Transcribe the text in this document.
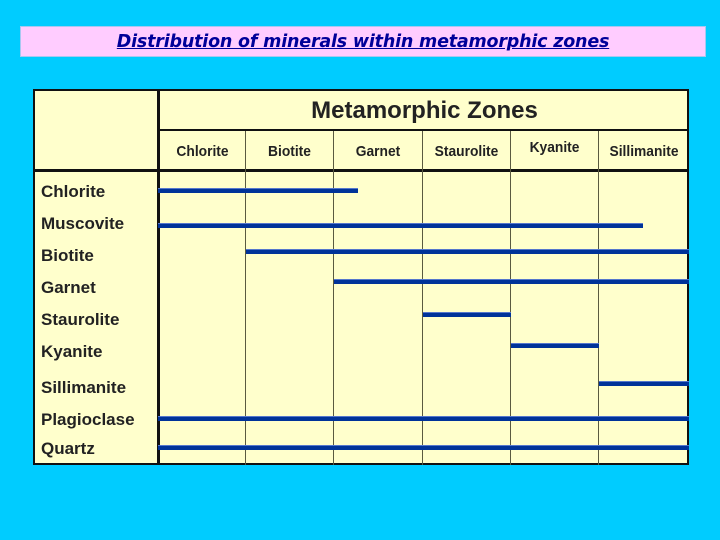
Distribution of minerals within metamorphic zones
Metamorphic Zones
Chlorite	Biotite	Garnet	Staurolite	Kyanite	Sillimanite
Chlorite
Muscovite
Biotite
Garnet
Staurolite
Kyanite
Sillimanite
Plagioclase
Quartz
